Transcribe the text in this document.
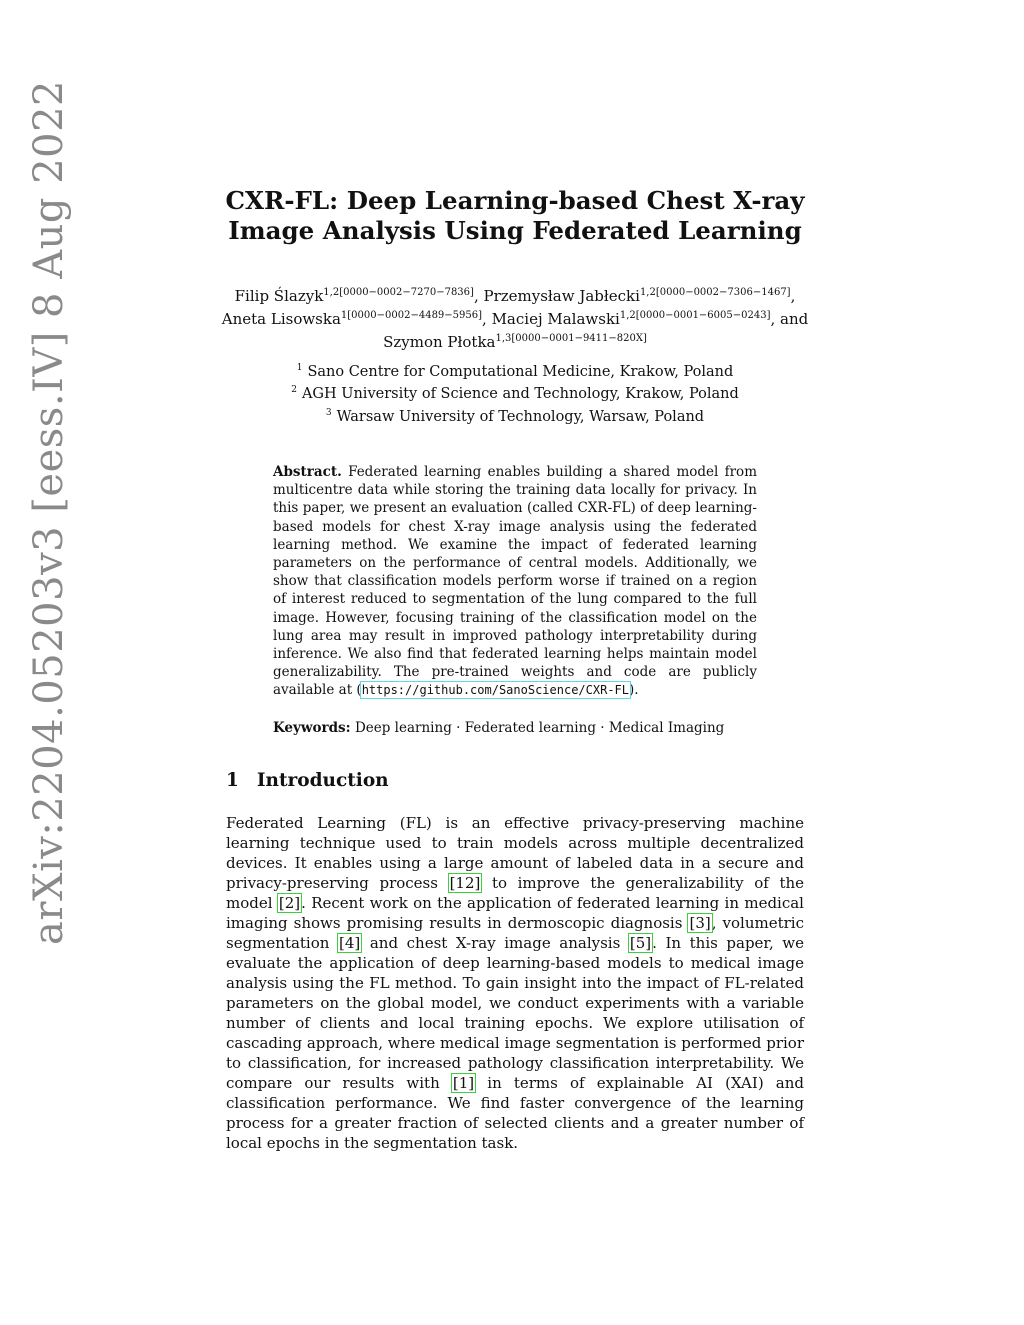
arXiv:2204.05203v3 [eess.IV] 8 Aug 2022	CXR-FL: Deep Learning-based Chest X-ray
Image Analysis Using Federated Learning
Filip Ślazyk$^{1,2[0000-0002-7270-7836]}$, Przemysław Jabłecki$^{1,2[0000-0002-7306-1467]}$, Aneta Lisowska$^{1[0000-0002-4489-5956]}$, Maciej Malawski$^{1,2[0000-0001-6005-0243]}$, and Szymon Płotka$^{1,3[0000-0001-9411-820X]}$
$^1$ Sano Centre for Computational Medicine, Krakow, Poland
$^2$ AGH University of Science and Technology, Krakow, Poland
$^3$ Warsaw University of Technology, Warsaw, Poland
Abstract. Federated learning enables building a shared model from multicentre data while storing the training data locally for privacy. In this paper, we present an evaluation (called CXR-FL) of deep learning-based models for chest X-ray image analysis using the federated learning method. We examine the impact of federated learning parameters on the performance of central models. Additionally, we show that classification models perform worse if trained on a region of interest reduced to segmentation of the lung compared to the full image. However, focusing training of the classification model on the lung area may result in improved pathology interpretability during inference. We also find that federated learning helps maintain model generalizability. The pre-trained weights and code are publicly available at (https://github.com/SanoScience/CXR-FL).
Keywords: Deep learning · Federated learning · Medical Imaging
1 Introduction
Federated Learning (FL) is an effective privacy-preserving machine learning technique used to train models across multiple decentralized devices. It enables using a large amount of labeled data in a secure and privacy-preserving process [12] to improve the generalizability of the model [2]. Recent work on the application of federated learning in medical imaging shows promising results in dermoscopic diagnosis [3], volumetric segmentation [4] and chest X-ray image analysis [5]. In this paper, we evaluate the application of deep learning-based models to medical image analysis using the FL method. To gain insight into the impact of FL-related parameters on the global model, we conduct experiments with a variable number of clients and local training epochs. We explore utilisation of cascading approach, where medical image segmentation is performed prior to classification, for increased pathology classification interpretability. We compare our results with [1] in terms of explainable AI (XAI) and classification performance. We find faster convergence of the learning process for a greater fraction of selected clients and a greater number of local epochs in the segmentation task.
